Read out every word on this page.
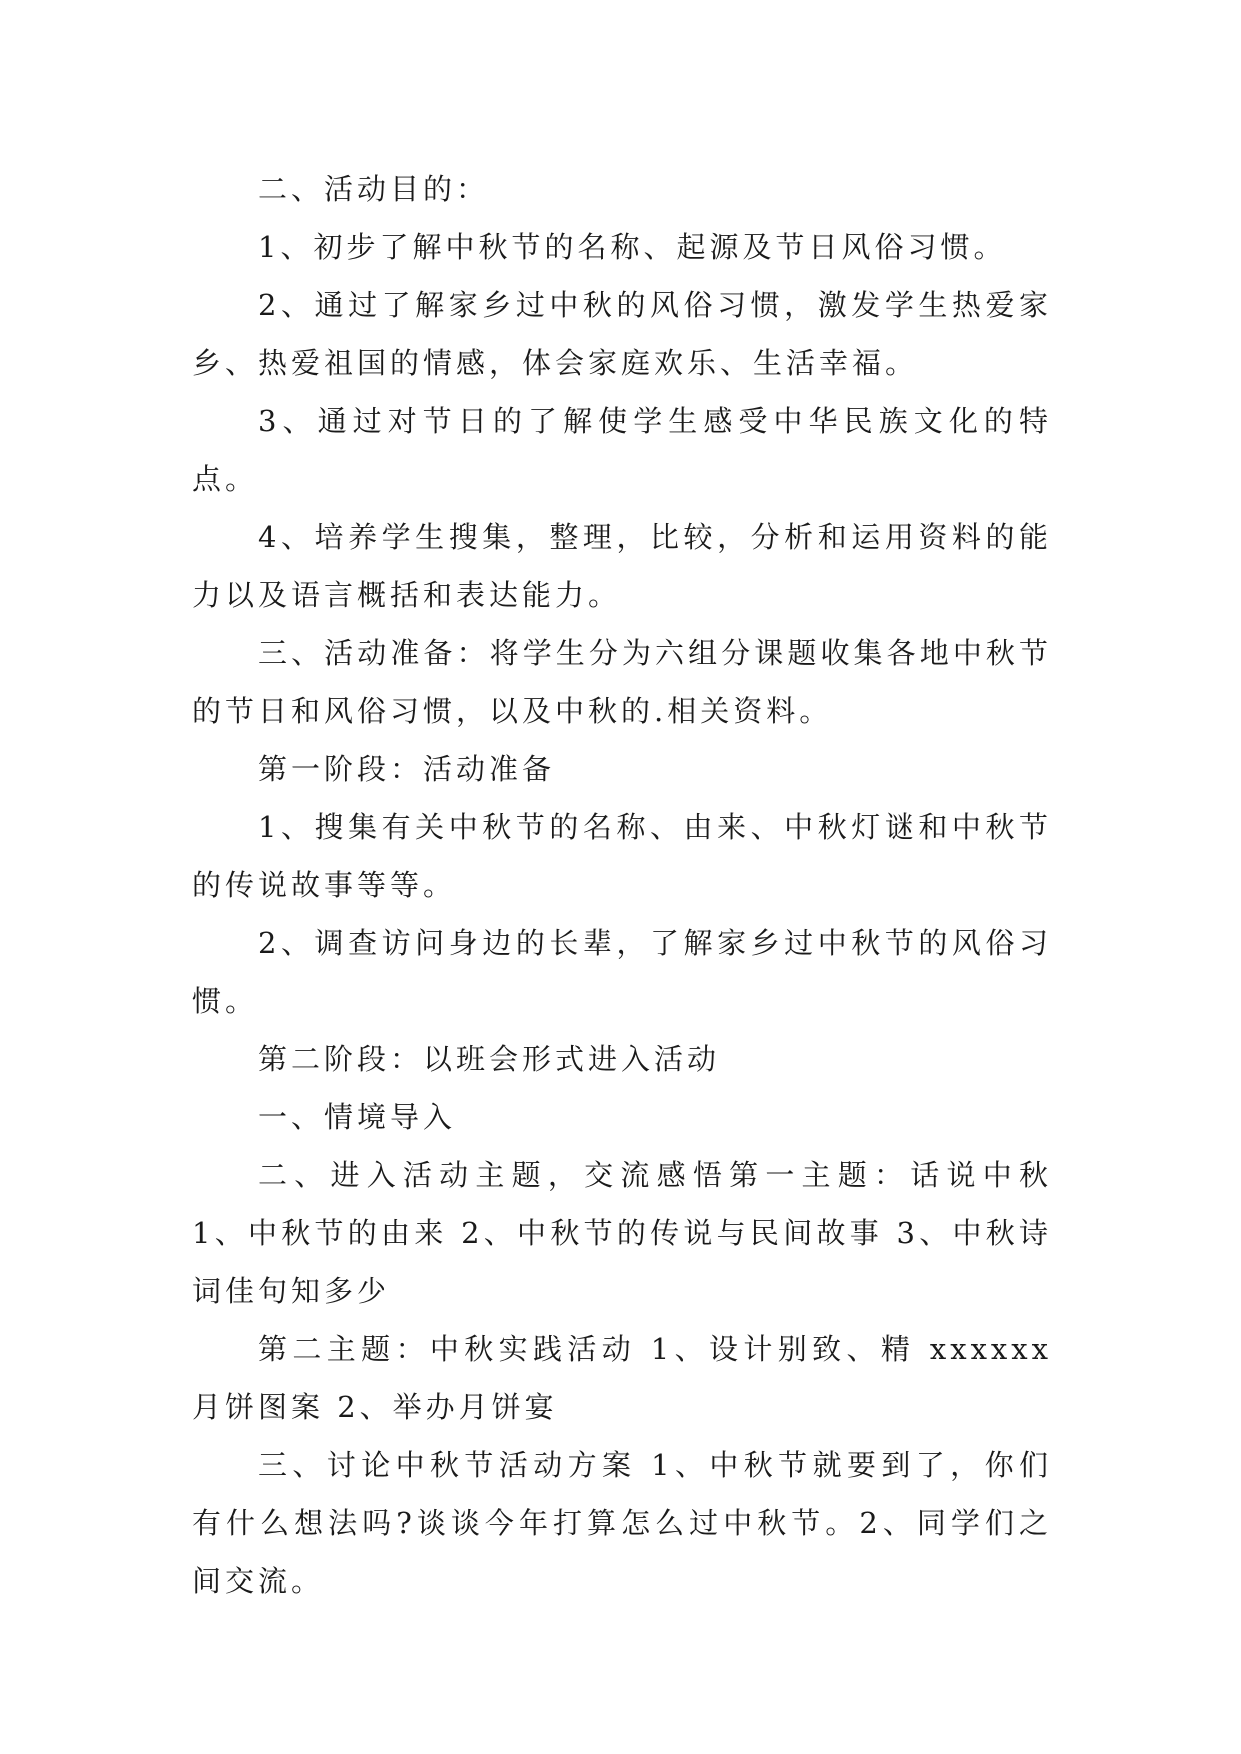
二、活动目的：

1、初步了解中秋节的名称、起源及节日风俗习惯。

2、通过了解家乡过中秋的风俗习惯，激发学生热爱家乡、热爱祖国的情感，体会家庭欢乐、生活幸福。

3、通过对节日的了解使学生感受中华民族文化的特点。

4、培养学生搜集，整理，比较，分析和运用资料的能力以及语言概括和表达能力。

三、活动准备：将学生分为六组分课题收集各地中秋节的节日和风俗习惯，以及中秋的.相关资料。

第一阶段：活动准备

1、搜集有关中秋节的名称、由来、中秋灯谜和中秋节的传说故事等等。

2、调查访问身边的长辈，了解家乡过中秋节的风俗习惯。

第二阶段：以班会形式进入活动

一、情境导入

二、进入活动主题，交流感悟第一主题：话说中秋 1、中秋节的由来 2、中秋节的传说与民间故事 3、中秋诗词佳句知多少

第二主题：中秋实践活动 1、设计别致、精 xxxxxx 月饼图案 2、举办月饼宴

三、讨论中秋节活动方案 1、中秋节就要到了，你们有什么想法吗?谈谈今年打算怎么过中秋节。2、同学们之间交流。
